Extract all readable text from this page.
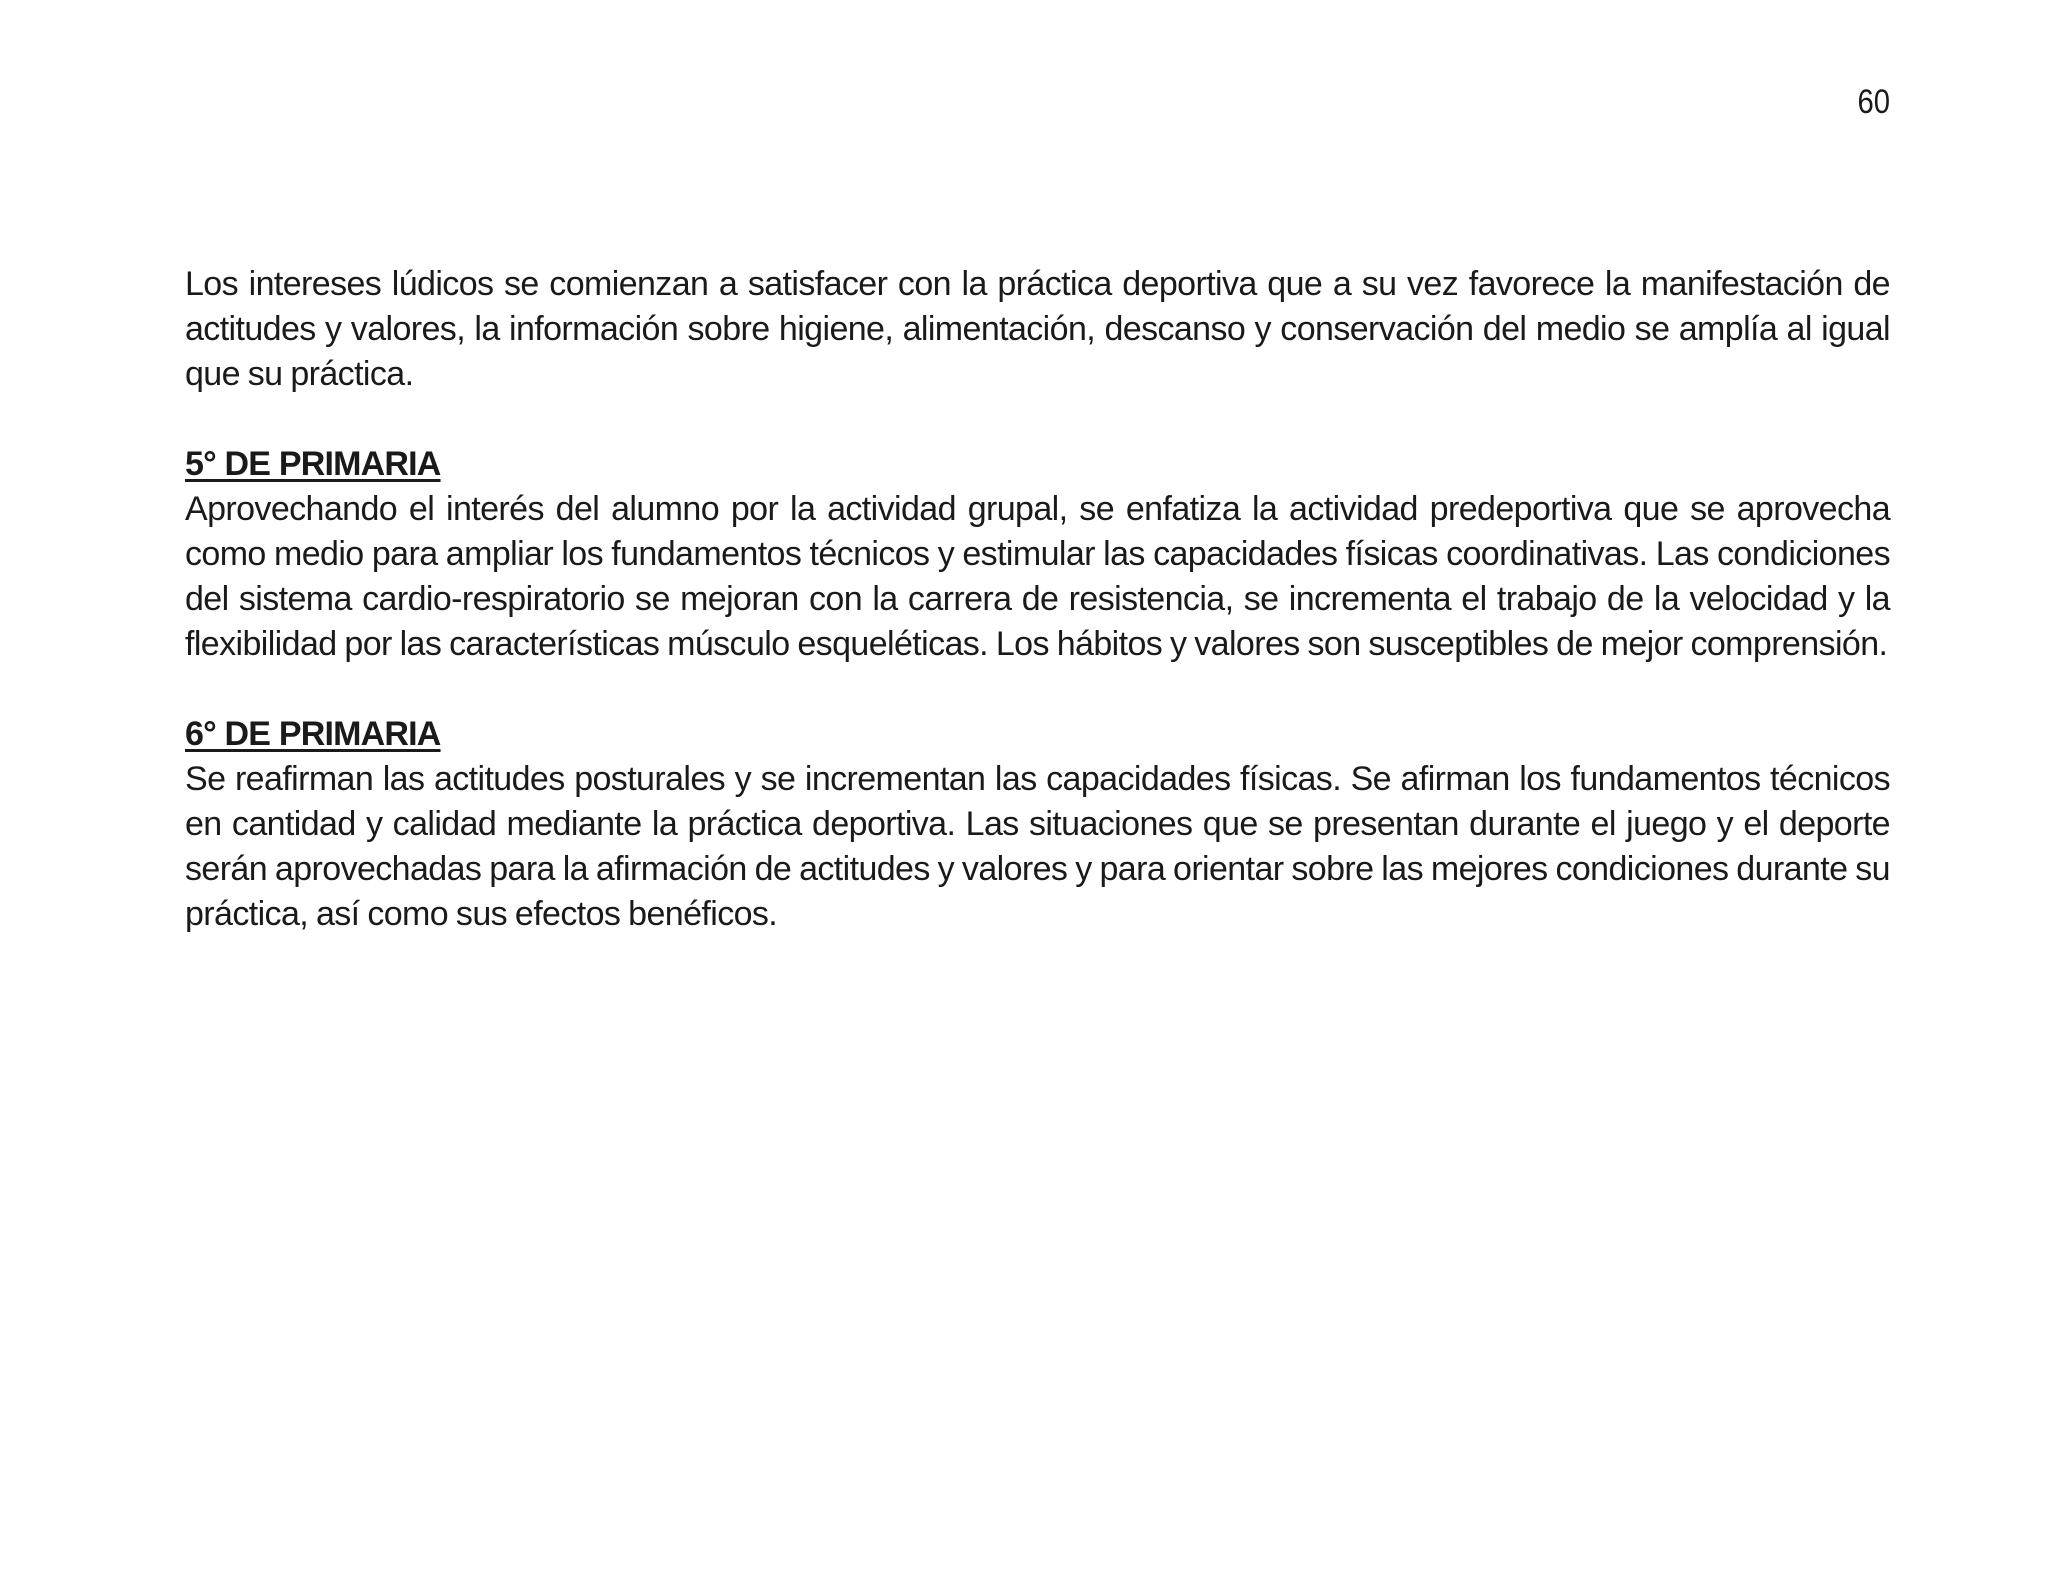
60

Los intereses lúdicos se comienzan a satisfacer con la práctica deportiva que a su vez favorece la manifestación de actitudes y valores, la información sobre higiene, alimentación, descanso y conservación del medio se amplía al igual que su práctica.

5° DE PRIMARIA

Aprovechando el interés del alumno por la actividad grupal, se enfatiza la actividad predeportiva que se aprovecha como medio para ampliar los fundamentos técnicos y estimular las capacidades físicas coordinativas. Las condiciones del sistema cardio-respiratorio se mejoran con la carrera de resistencia, se incrementa el trabajo de la velocidad y la flexibilidad por las características músculo esqueléticas. Los hábitos y valores son susceptibles de mejor comprensión.

6° DE PRIMARIA

Se reafirman las actitudes posturales y se incrementan las capacidades físicas. Se afirman los fundamentos técnicos en cantidad y calidad mediante la práctica deportiva. Las situaciones que se presentan durante el juego y el deporte serán aprovechadas para la afirmación de actitudes y valores y para orientar sobre las mejores condiciones durante su práctica, así como sus efectos benéficos.
